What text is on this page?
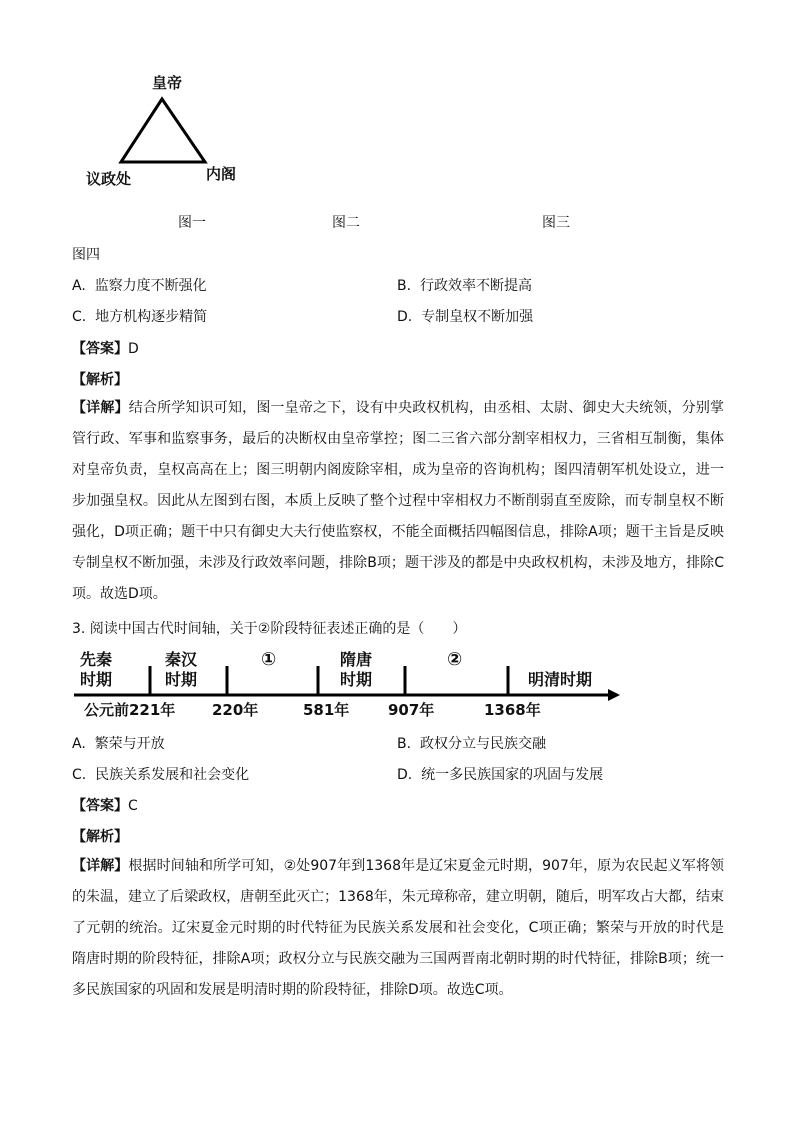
皇帝
议政处	内阁
图一	图二	图三
图四
A. 监察力度不断强化	B. 行政效率不断提高
C. 地方机构逐步精简	D. 专制皇权不断加强
【答案】D
【解析】
【详解】结合所学知识可知，图一皇帝之下，设有中央政权机构，由丞相、太尉、御史大夫统领，分别掌管行政、军事和监察事务，最后的决断权由皇帝掌控；图二三省六部分割宰相权力，三省相互制衡，集体对皇帝负责，皇权高高在上；图三明朝内阁废除宰相，成为皇帝的咨询机构；图四清朝军机处设立，进一步加强皇权。因此从左图到右图，本质上反映了整个过程中宰相权力不断削弱直至废除，而专制皇权不断强化，D项正确；题干中只有御史大夫行使监察权，不能全面概括四幅图信息，排除A项；题干主旨是反映专制皇权不断加强，未涉及行政效率问题，排除B项；题干涉及的都是中央政权机构，未涉及地方，排除C项。故选D项。
3. 阅读中国古代时间轴，关于②阶段特征表述正确的是（　　）
先秦
时期
秦汉
时期
①	隋唐
时期
②
明清时期
公元前221年 220年	581年	907年	1368年
A. 繁荣与开放	B. 政权分立与民族交融
C. 民族关系发展和社会变化	D. 统一多民族国家的巩固与发展
【答案】C
【解析】
【详解】根据时间轴和所学可知，②处907年到1368年是辽宋夏金元时期，907年，原为农民起义军将领的朱温，建立了后梁政权，唐朝至此灭亡；1368年，朱元璋称帝，建立明朝，随后，明军攻占大都，结束了元朝的统治。辽宋夏金元时期的时代特征为民族关系发展和社会变化，C项正确；繁荣与开放的时代是隋唐时期的阶段特征，排除A项；政权分立与民族交融为三国两晋南北朝时期的时代特征，排除B项；统一多民族国家的巩固和发展是明清时期的阶段特征，排除D项。故选C项。
